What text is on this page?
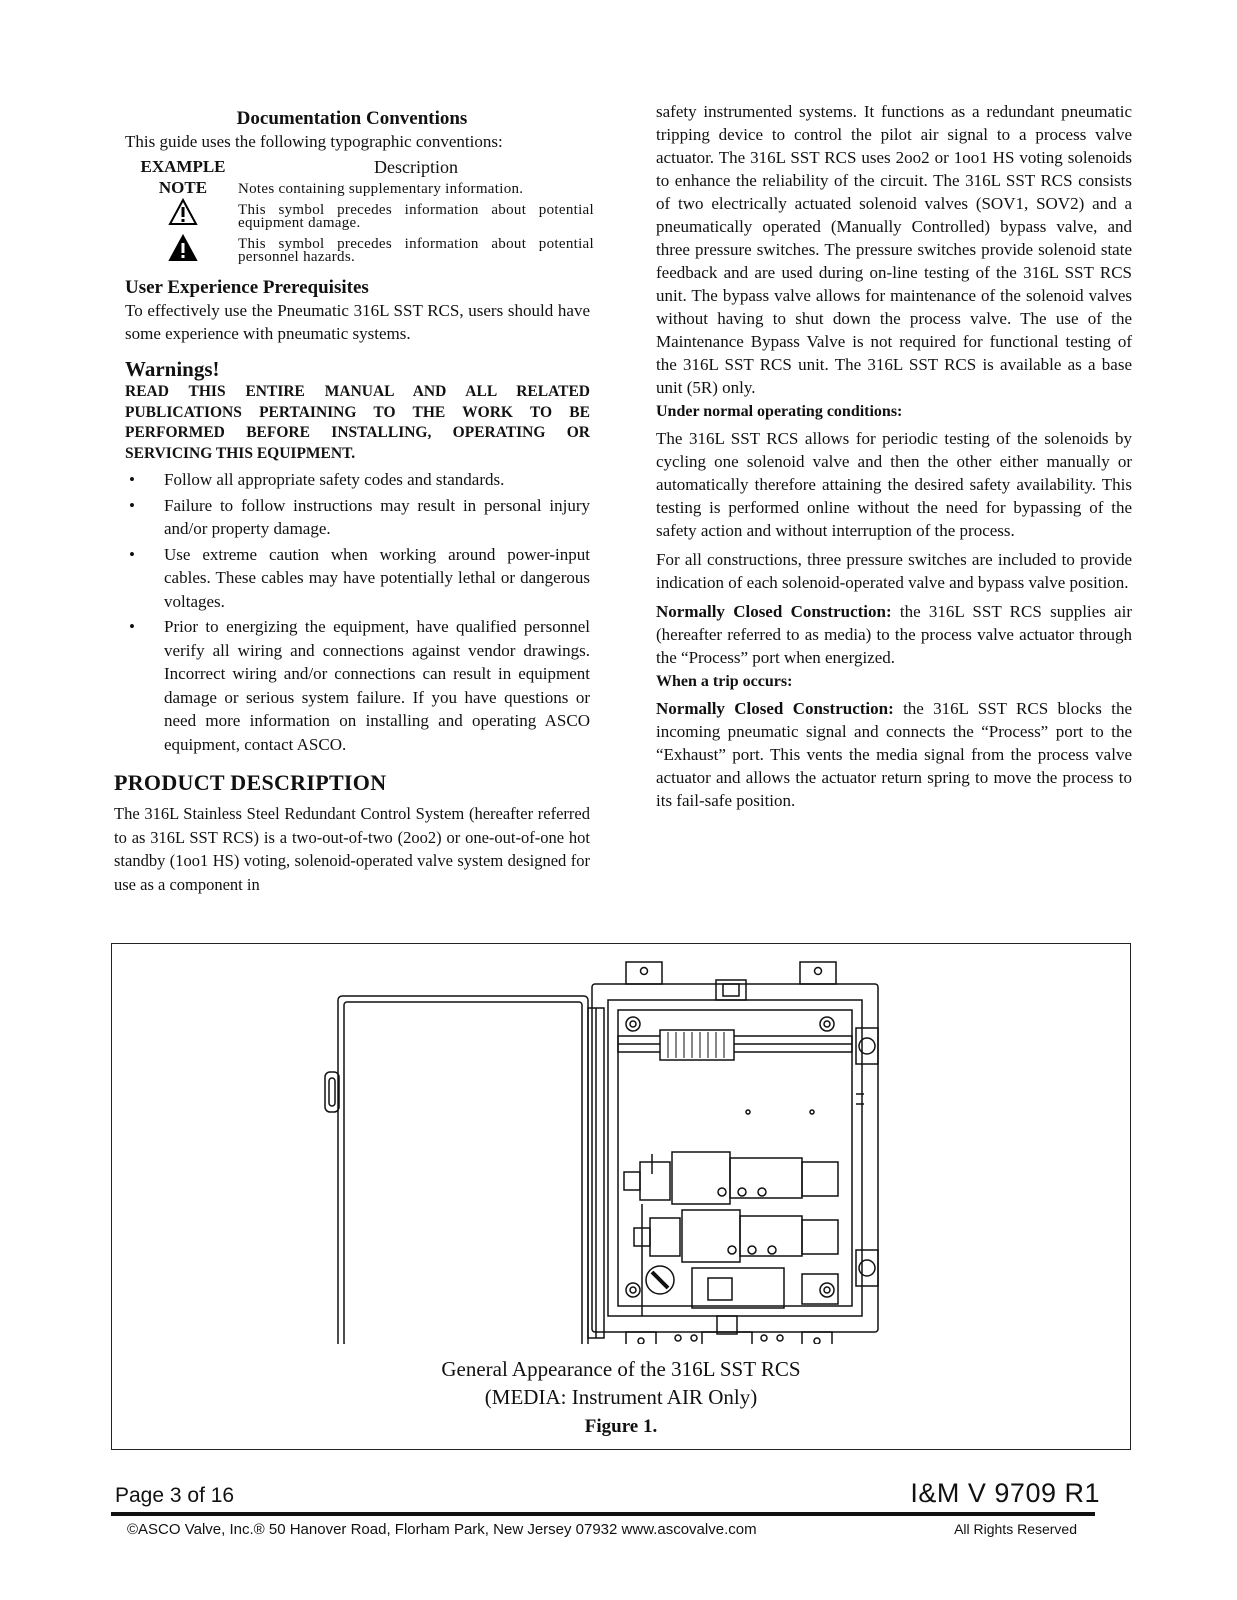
Documentation Conventions

This guide uses the following typographic conventions:

EXAMPLE	Description
NOTE	Notes containing supplementary information.
	This symbol precedes information about potential equipment damage.
	This symbol precedes information about potential personnel hazards.
User Experience Prerequisites

To effectively use the Pneumatic 316L SST RCS, users should have some experience with pneumatic systems.

Warnings!

READ THIS ENTIRE MANUAL AND ALL RELATED PUBLICATIONS PERTAINING TO THE WORK TO BE PERFORMED BEFORE INSTALLING, OPERATING OR SERVICING THIS EQUIPMENT.

• Follow all appropriate safety codes and standards.
• Failure to follow instructions may result in personal injury and/or property damage.
• Use extreme caution when working around power-input cables. These cables may have potentially lethal or dangerous voltages.
• Prior to energizing the equipment, have qualified personnel verify all wiring and connections against vendor drawings. Incorrect wiring and/or connections can result in equipment damage or serious system failure. If you have questions or need more information on installing and operating ASCO equipment, contact ASCO.
PRODUCT DESCRIPTION

The 316L Stainless Steel Redundant Control System (hereafter referred to as 316L SST RCS) is a two-out-of-two (2oo2) or one-out-of-one hot standby (1oo1 HS) voting, solenoid-operated valve system designed for use as a component in

safety instrumented systems. It functions as a redundant pneumatic tripping device to control the pilot air signal to a process valve actuator. The 316L SST RCS uses 2oo2 or 1oo1 HS voting solenoids to enhance the reliability of the circuit. The 316L SST RCS consists of two electrically actuated solenoid valves (SOV1, SOV2) and a pneumatically operated (Manually Controlled) bypass valve, and three pressure switches. The pressure switches provide solenoid state feedback and are used during on-line testing of the 316L SST RCS unit. The bypass valve allows for maintenance of the solenoid valves without having to shut down the process valve. The use of the Maintenance Bypass Valve is not required for functional testing of the 316L SST RCS unit. The 316L SST RCS is available as a base unit (5R) only.

Under normal operating conditions:

The 316L SST RCS allows for periodic testing of the solenoids by cycling one solenoid valve and then the other either manually or automatically therefore attaining the desired safety availability. This testing is performed online without the need for bypassing of the safety action and without interruption of the process.

For all constructions, three pressure switches are included to provide indication of each solenoid-operated valve and bypass valve position.

Normally Closed Construction: the 316L SST RCS supplies air (hereafter referred to as media) to the process valve actuator through the “Process” port when energized.

When a trip occurs:

Normally Closed Construction: the 316L SST RCS blocks the incoming pneumatic signal and connects the “Process” port to the “Exhaust” port. This vents the media signal from the process valve actuator and allows the actuator return spring to move the process to its fail-safe position.

General Appearance of the 316L SST RCS
(MEDIA: Instrument AIR Only)
Figure 1.
Page 3 of 16	I&M V 9709 R1
©ASCO Valve, Inc.® 50 Hanover Road, Florham Park, New Jersey 07932 www.ascovalve.com	All Rights Reserved
